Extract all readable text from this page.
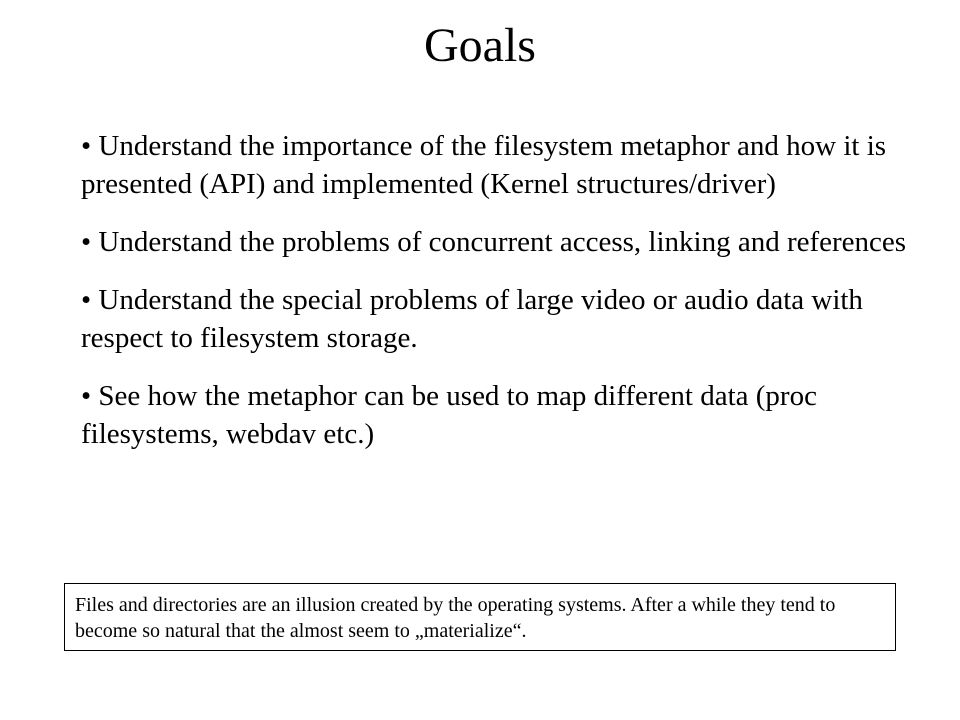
Goals
• Understand the importance of the filesystem metaphor and how it is presented (API) and implemented (Kernel structures/driver)
• Understand the problems of concurrent access, linking and references
• Understand the special problems of large video or audio data with respect to filesystem storage.
• See how the metaphor can be used to map different data (proc filesystems, webdav etc.)
Files and directories are an illusion created by the operating systems. After a while they tend to become so natural that the almost seem to „materialize“.
